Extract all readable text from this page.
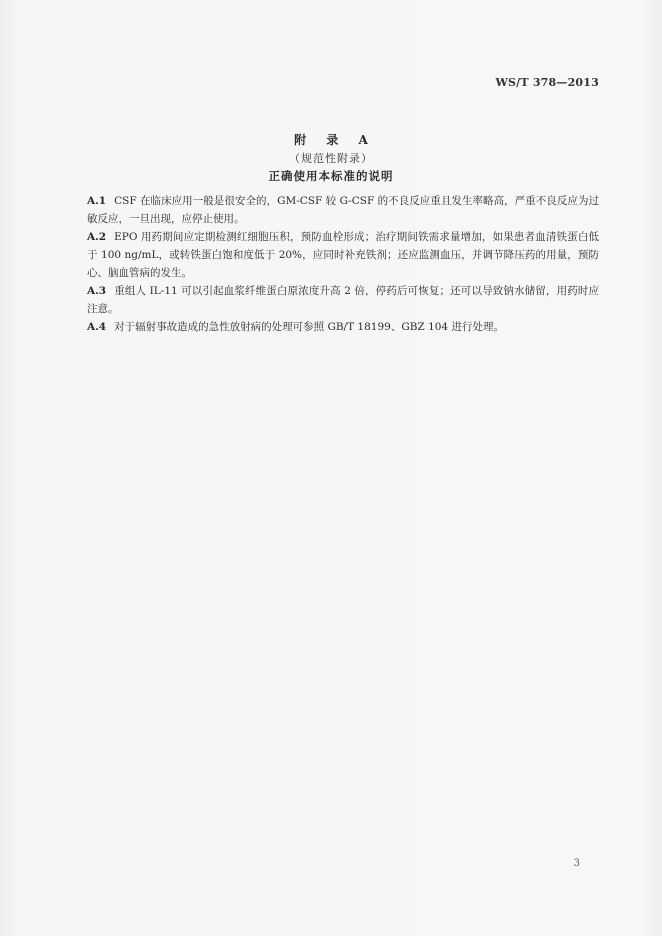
WS/T 378—2013
附 录 A
（规范性附录）
正确使用本标准的说明

A.1 CSF 在临床应用一般是很安全的，GM-CSF 较 G-CSF 的不良反应重且发生率略高，严重不良反应为过敏反应，一旦出现，应停止使用。

A.2 EPO 用药期间应定期检测红细胞压积，预防血栓形成；治疗期间铁需求量增加，如果患者血清铁蛋白低于 100 ng/mL，或转铁蛋白饱和度低于 20%，应同时补充铁剂；还应监测血压，并调节降压药的用量，预防心、脑血管病的发生。

A.3 重组人 IL-11 可以引起血浆纤维蛋白原浓度升高 2 倍，停药后可恢复；还可以导致钠水储留，用药时应注意。

A.4 对于辐射事故造成的急性放射病的处理可参照 GB/T 18199、GBZ 104 进行处理。

3
